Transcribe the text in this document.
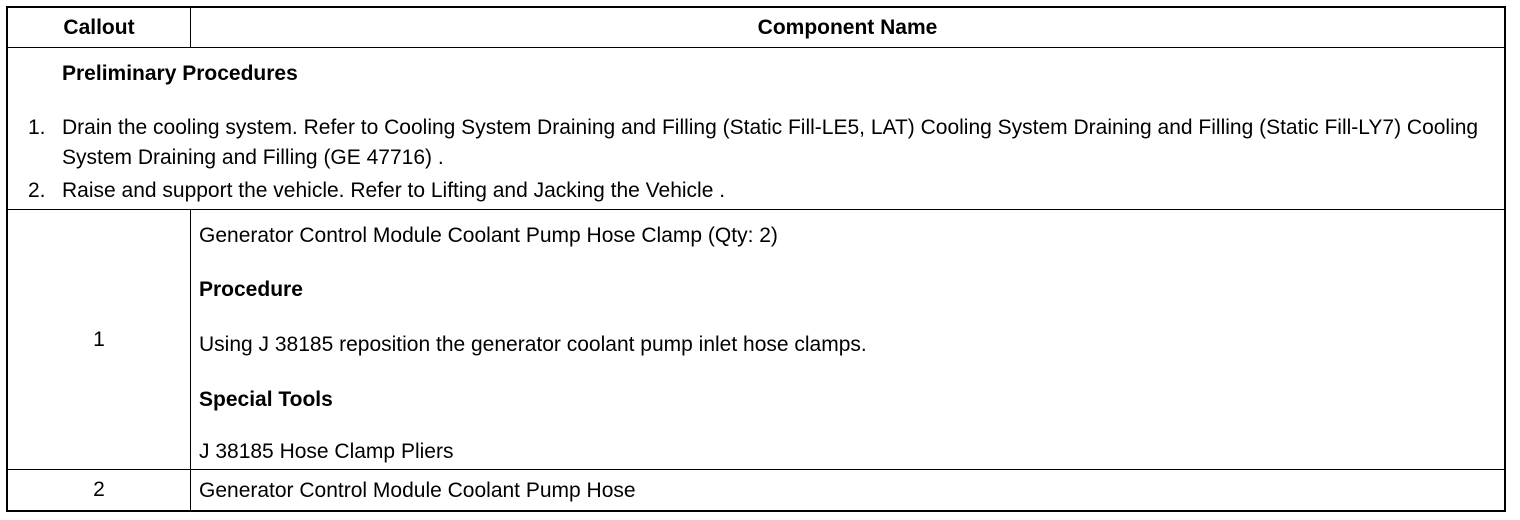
Callout	Component Name
Preliminary Procedures
1. Drain the cooling system. Refer to Cooling System Draining and Filling (Static Fill-LE5, LAT) Cooling System Draining and Filling (Static Fill-LY7) Cooling System Draining and Filling (GE 47716) .
2. Raise and support the vehicle. Refer to Lifting and Jacking the Vehicle .
1
Generator Control Module Coolant Pump Hose Clamp (Qty: 2)
Procedure
Using J 38185 reposition the generator coolant pump inlet hose clamps.
Special Tools
J 38185 Hose Clamp Pliers
2	Generator Control Module Coolant Pump Hose
